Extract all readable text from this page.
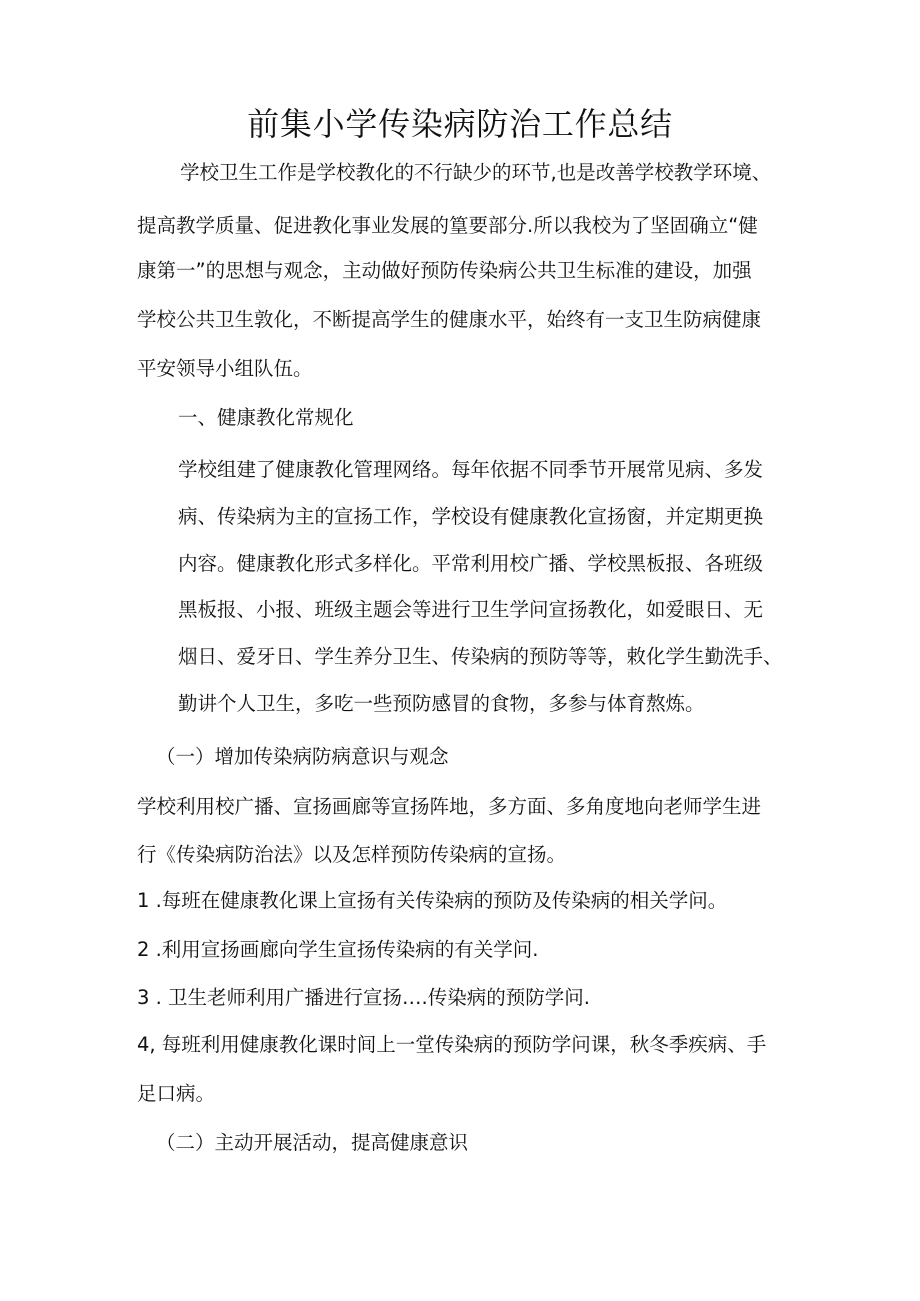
前集小学传染病防治工作总结

学校卫生工作是学校教化的不行缺少的环节,也是改善学校教学环境、

提高教学质量、促进教化事业发展的篁要部分.所以我校为了坚固确立“健

康第一”的思想与观念，主动做好预防传染病公共卫生标准的建设，加强

学校公共卫生敦化，不断提高学生的健康水平，始终有一支卫生防病健康

平安领导小组队伍。

一、健康教化常规化

学校组建了健康教化管理网络。每年依据不同季节开展常见病、多发

病、传染病为主的宣扬工作，学校设有健康教化宣扬窗，并定期更换

内容。健康教化形式多样化。平常利用校广播、学校黑板报、各班级

黑板报、小报、班级主题会等进行卫生学问宣扬教化，如爱眼日、无

烟日、爱牙日、学生养分卫生、传染病的预防等等，敕化学生勤洗手、

勤讲个人卫生，多吃一些预防感冒的食物，多参与体育熬炼。

（一）增加传染病防病意识与观念

学校利用校广播、宣扬画廊等宣扬阵地，多方面、多角度地向老师学生进

行《传染病防治法》以及怎样预防传染病的宣扬。

1 .每班在健康教化课上宣扬有关传染病的预防及传染病的相关学问。

2 .利用宣扬画廊向学生宣扬传染病的有关学问.

3 . 卫生老师利用广播进行宣扬….传染病的预防学问.

4, 每班利用健康教化课时间上一堂传染病的预防学问课，秋冬季疾病、手

足口病。

（二）主动开展活动，提高健康意识
